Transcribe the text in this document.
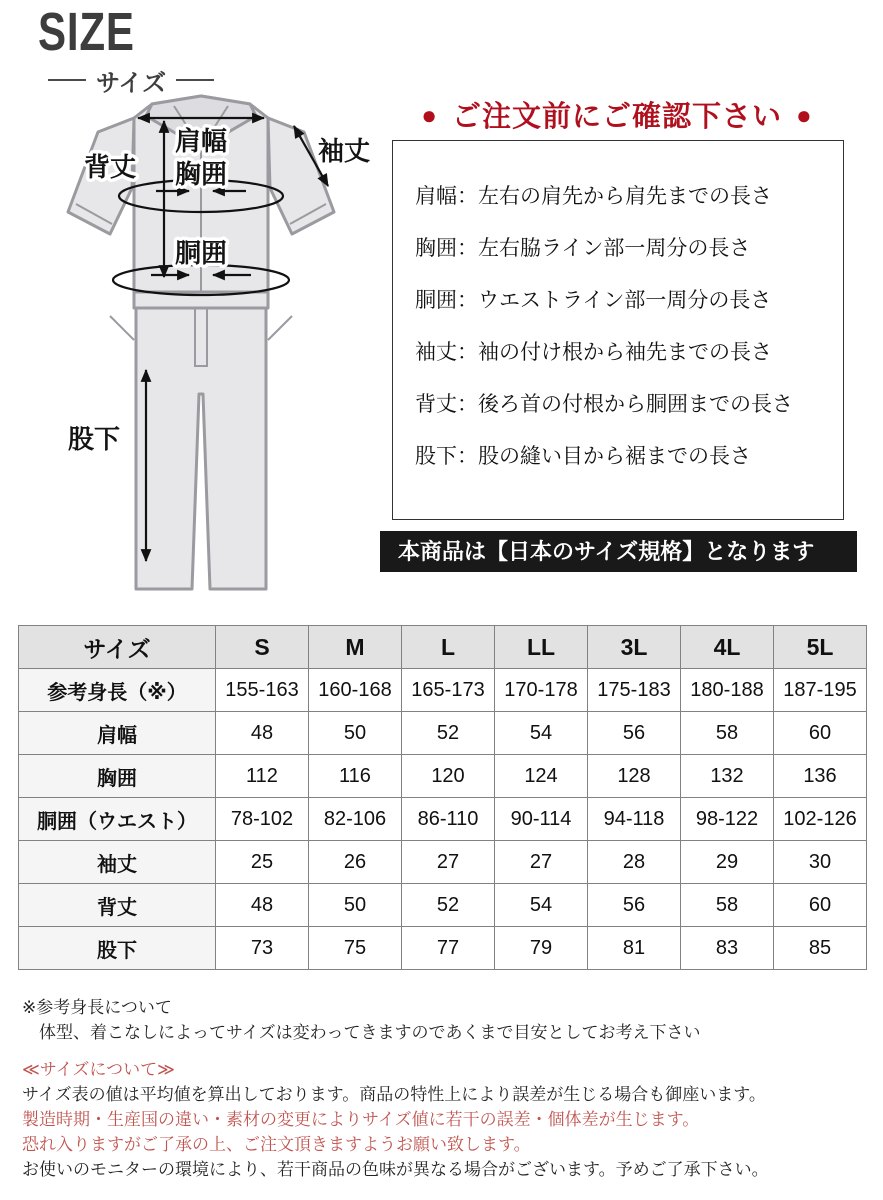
SIZE
サイズ
肩幅	袖丈
背丈 胸囲
胴囲
股下
● ご注文前にご確認下さい ●

肩幅：左右の肩先から肩先までの長さ

胸囲：左右脇ライン部一周分の長さ

胴囲：ウエストライン部一周分の長さ

袖丈：袖の付け根から袖先までの長さ

背丈：後ろ首の付根から胴囲までの長さ

股下：股の縫い目から裾までの長さ

本商品は【日本のサイズ規格】となります
サイズ	S	M	L	LL	3L	4L	5L
参考身長（※）	155-163	160-168	165-173	170-178	175-183	180-188	187-195
肩幅	48	50	52	54	56	58	60
胸囲	112	116	120	124	128	132	136
胴囲（ウエスト）	78-102	82-106	86-110	90-114	94-118	98-122	102-126
袖丈	25	26	27	27	28	29	30
背丈	48	50	52	54	56	58	60
股下	73	75	77	79	81	83	85

※参考身長について

　体型、着こなしによってサイズは変わってきますのであくまで目安としてお考え下さい

≪サイズについて≫

サイズ表の値は平均値を算出しております。商品の特性上により誤差が生じる場合も御座います。

製造時期・生産国の違い・素材の変更によりサイズ値に若干の誤差・個体差が生じます。

恐れ入りますがご了承の上、ご注文頂きますようお願い致します。

お使いのモニターの環境により、若干商品の色味が異なる場合がございます。予めご了承下さい。
